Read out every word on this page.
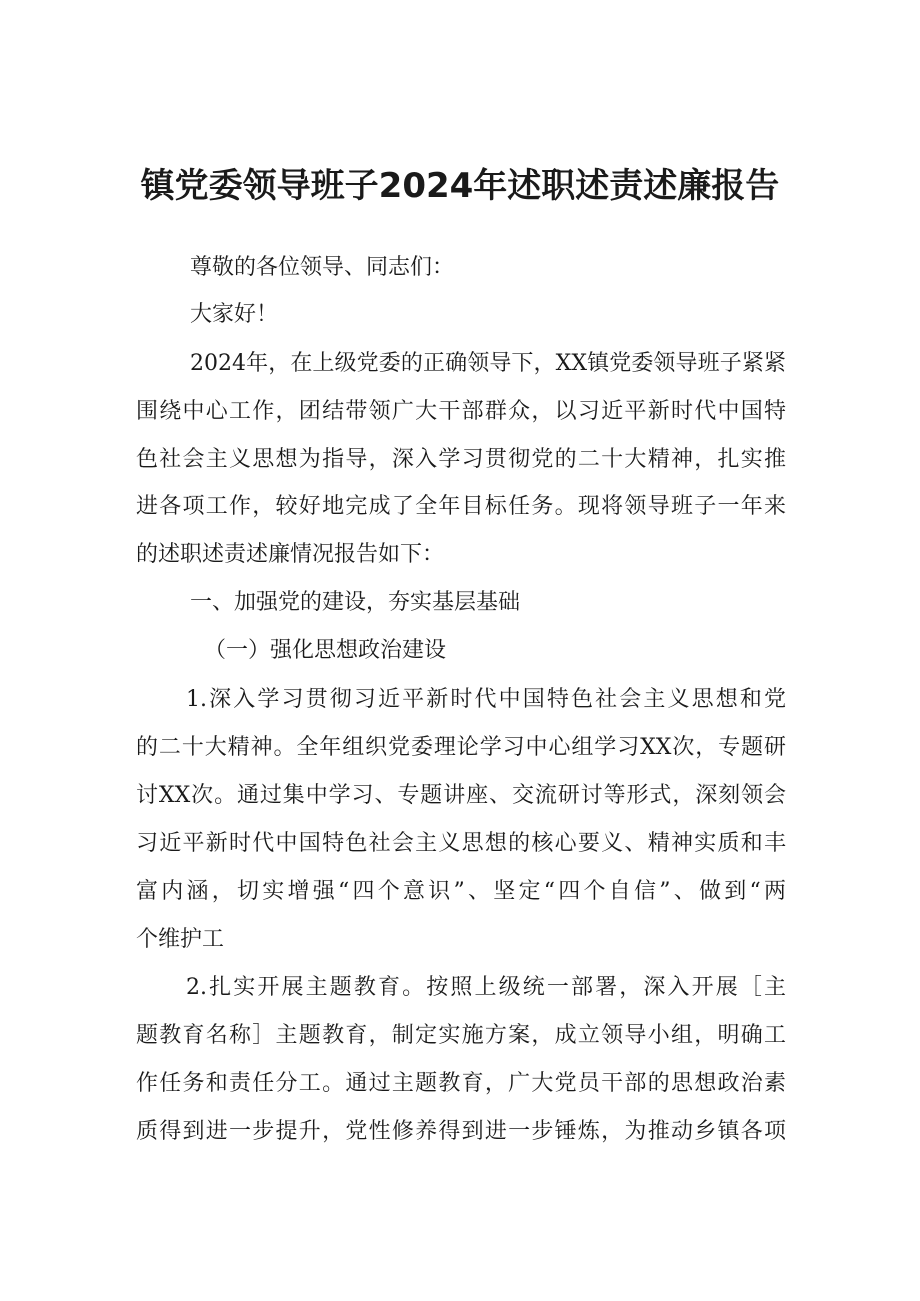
镇党委领导班子2024年述职述责述廉报告

尊敬的各位领导、同志们：

大家好！

2024年，在上级党委的正确领导下，XX镇党委领导班子紧紧

围绕中心工作，团结带领广大干部群众，以习近平新时代中国特

色社会主义思想为指导，深入学习贯彻党的二十大精神，扎实推

进各项工作，较好地完成了全年目标任务。现将领导班子一年来

的述职述责述廉情况报告如下：

一、加强党的建设，夯实基层基础

（一）强化思想政治建设

1.深入学习贯彻习近平新时代中国特色社会主义思想和党

的二十大精神。全年组织党委理论学习中心组学习XX次，专题研

讨XX次。通过集中学习、专题讲座、交流研讨等形式，深刻领会

习近平新时代中国特色社会主义思想的核心要义、精神实质和丰

富内涵，切实增强“四个意识”、坚定“四个自信”、做到“两

个维护工

2.扎实开展主题教育。按照上级统一部署，深入开展［主

题教育名称］主题教育，制定实施方案，成立领导小组，明确工

作任务和责任分工。通过主题教育，广大党员干部的思想政治素

质得到进一步提升，党性修养得到进一步锤炼，为推动乡镇各项
